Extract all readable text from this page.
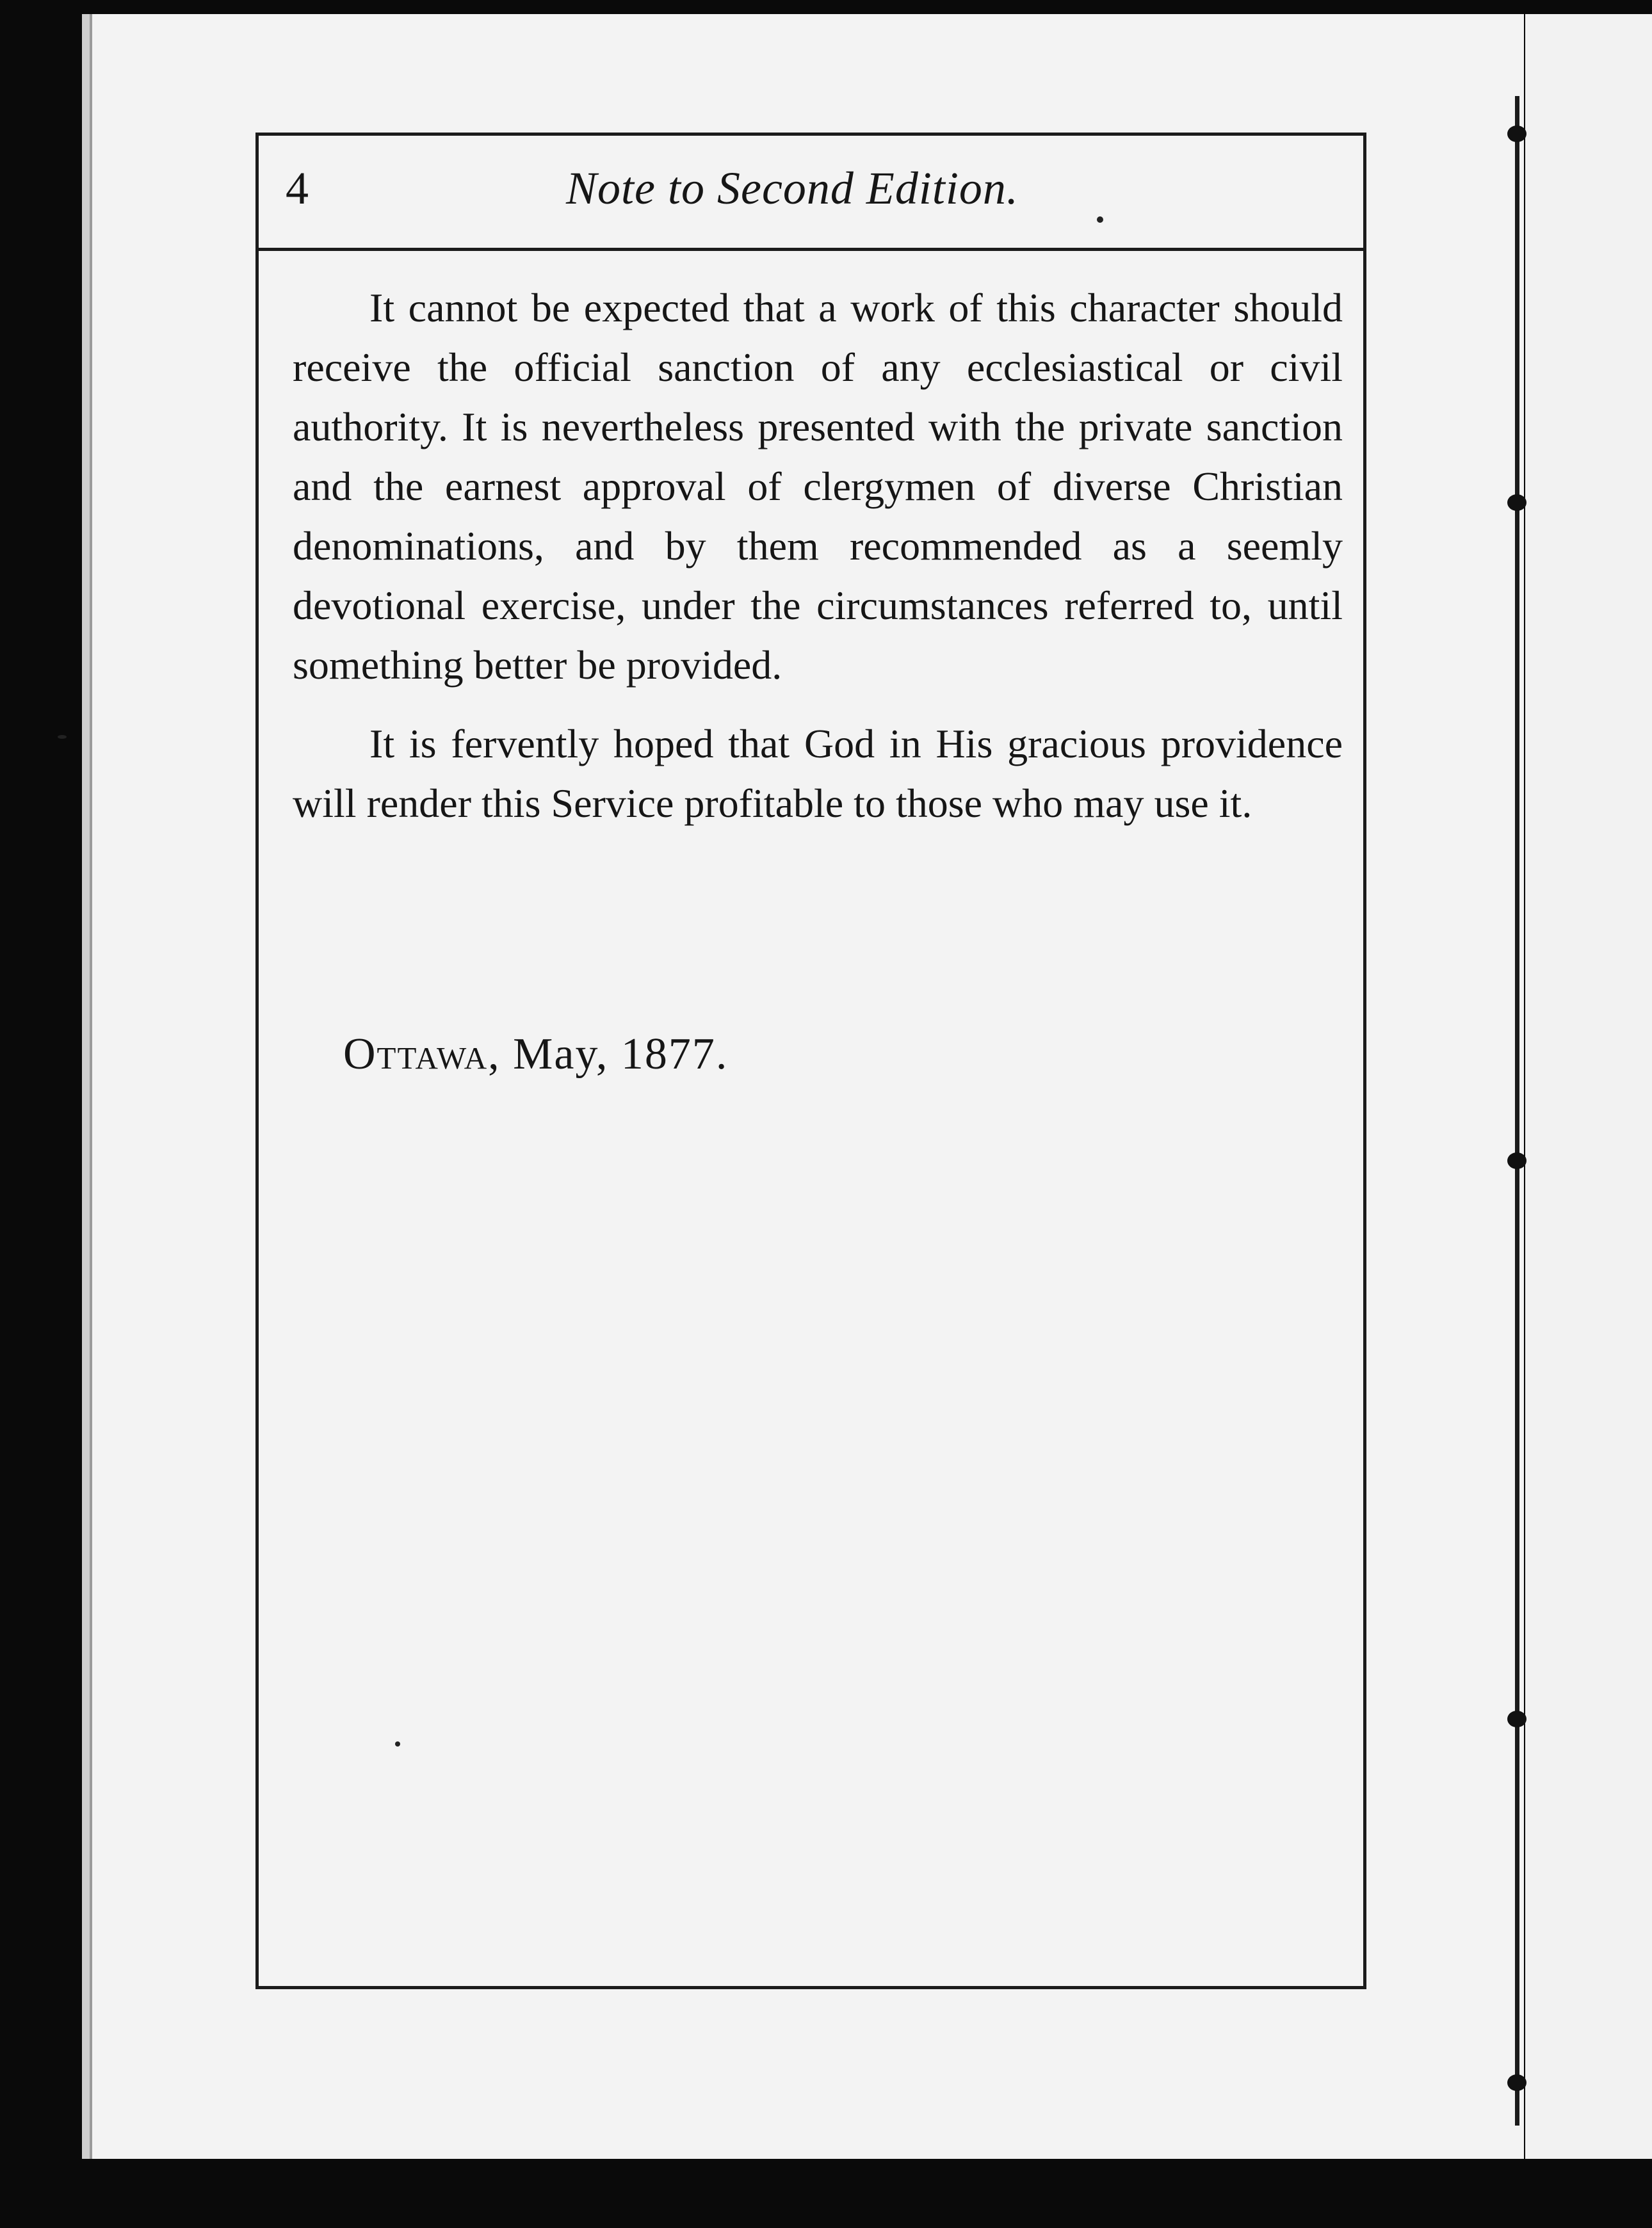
4	Note to Second Edition.

It cannot be expected that a work of this character should receive the official sanction of any ecclesiastical or civil authority. It is nevertheless presented with the private sanction and the earnest approval of clergymen of diverse Christian denominations, and by them recommended as a seemly devotional exercise, under the circumstances referred to, until something better be provided.

It is fervently hoped that God in His gracious providence will render this Service profitable to those who may use it.

Ottawa, May, 1877.
